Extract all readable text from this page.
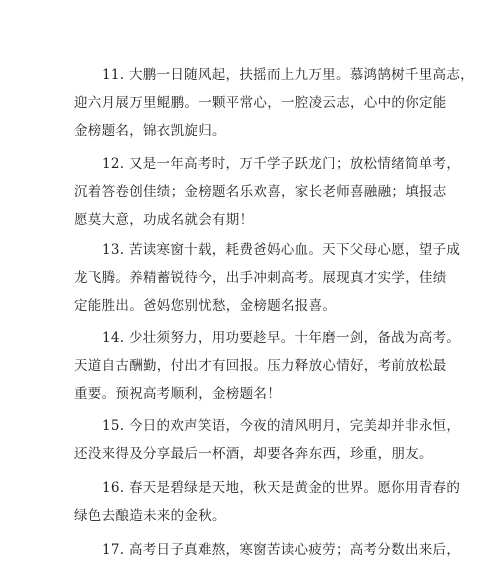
11. 大鹏一日随风起，扶摇而上九万里。慕鸿鹄树千里高志，
迎六月展万里鲲鹏。一颗平常心，一腔凌云志，心中的你定能
金榜题名，锦衣凯旋归。
12. 又是一年高考时，万千学子跃龙门；放松情绪简单考，
沉着答卷创佳绩；金榜题名乐欢喜，家长老师喜融融；填报志
愿莫大意，功成名就会有期！
13. 苦读寒窗十载，耗费爸妈心血。天下父母心愿，望子成
龙飞腾。养精蓄锐待今，出手冲刺高考。展现真才实学，佳绩
定能胜出。爸妈您别忧愁，金榜题名报喜。
14. 少壮须努力，用功要趁早。十年磨一剑，备战为高考。
天道自古酬勤，付出才有回报。压力释放心情好，考前放松最
重要。预祝高考顺利，金榜题名！
15. 今日的欢声笑语，今夜的清风明月，完美却并非永恒，
还没来得及分享最后一杯酒，却要各奔东西，珍重，朋友。
16. 春天是碧绿是天地，秋天是黄金的世界。愿你用青春的
绿色去酿造未来的金秋。
17. 高考日子真难熬，寒窗苦读心疲劳；高考分数出来后，
